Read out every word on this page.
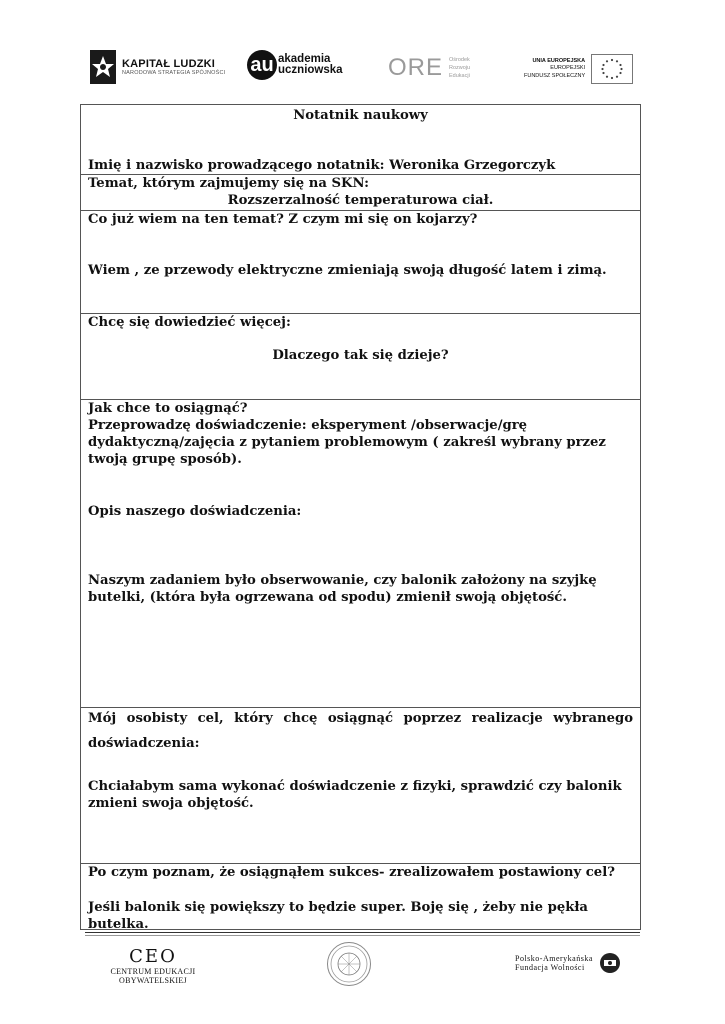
KAPITAŁ LUDZKI
NARODOWA STRATEGIA SPÓJNOŚCI au akademia
uczniowska ORE Ośrodek
Rozwoju
Edukacji
UNIA EUROPEJSKA
EUROPEJSKI
FUNDUSZ SPOŁECZNY
Notatnik naukowy
Imię i nazwisko prowadzącego notatnik: Weronika Grzegorczyk
Temat, którym zajmujemy się na SKN:
Rozszerzalność temperaturowa ciał.
Co już wiem na ten temat? Z czym mi się on kojarzy?
Wiem , ze przewody elektryczne zmieniają swoją długość latem i zimą.
Chcę się dowiedzieć więcej:
Dlaczego tak się dzieje?
Jak chce to osiągnąć?
Przeprowadzę doświadczenie: eksperyment /obserwacje/grę dydaktyczną/zajęcia z pytaniem problemowym ( zakreśl wybrany przez twoją grupę sposób).
Opis naszego doświadczenia:
Naszym zadaniem było obserwowanie, czy balonik założony na szyjkę butelki, (która była ogrzewana od spodu) zmienił swoją objętość.
Mój osobisty cel, który chcę osiągnąć poprzez realizacje wybranego
doświadczenia:
Chciałabym sama wykonać doświadczenie z fizyki, sprawdzić czy balonik zmieni swoja objętość.
Po czym poznam, że osiągnąłem sukces- zrealizowałem postawiony cel?
Jeśli balonik się powiększy to będzie super. Boję się , żeby nie pękła butelka.
CEO
CENTRUM EDUKACJI OBYWATELSKIEJ
Polsko-Amerykańska
Fundacja Wolności
